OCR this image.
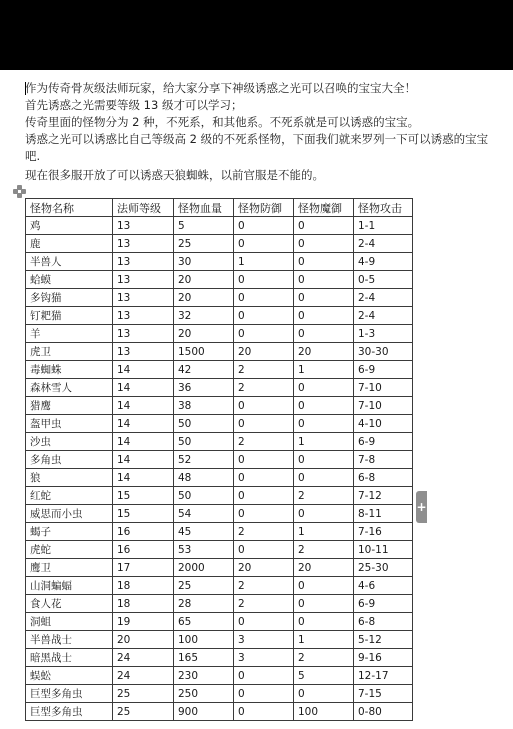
作为传奇骨灰级法师玩家，给大家分享下神级诱惑之光可以召唤的宝宝大全！
首先诱惑之光需要等级 13 级才可以学习；
传奇里面的怪物分为 2 种，不死系，和其他系。不死系就是可以诱惑的宝宝。
诱惑之光可以诱惑比自己等级高 2 级的不死系怪物，下面我们就来罗列一下可以诱惑的宝宝
吧.
现在很多服开放了可以诱惑天狼蜘蛛，以前官服是不能的。
怪物名称	法师等级	怪物血量	怪物防御	怪物魔御	怪物攻击
鸡	13	5	0	0	1-1
鹿	13	25	0	0	2-4
半兽人	13	30	1	0	4-9
蛤蟆	13	20	0	0	0-5
多钩猫	13	20	0	0	2-4
钉耙猫	13	32	0	0	2-4
羊	13	20	0	0	1-3
虎卫	13	1500	20	20	30-30
毒蜘蛛	14	42	2	1	6-9
森林雪人	14	36	2	0	7-10
猎鹰	14	38	0	0	7-10
盔甲虫	14	50	0	0	4-10
沙虫	14	50	2	1	6-9
多角虫	14	52	0	0	7-8
狼	14	48	0	0	6-8
红蛇	15	50	0	2	7-12
威思而小虫	15	54	0	0	8-11
蝎子	16	45	2	1	7-16
虎蛇	16	53	0	2	10-11
鹰卫	17	2000	20	20	25-30
山洞蝙蝠	18	25	2	0	4-6
食人花	18	28	2	0	6-9
洞蛆	19	65	0	0	6-8
半兽战士	20	100	3	1	5-12
暗黑战士	24	165	3	2	9-16
蜈蚣	24	230	0	5	12-17
巨型多角虫	25	250	0	0	7-15
巨型多角虫	25	900	0	100	0-80
+
